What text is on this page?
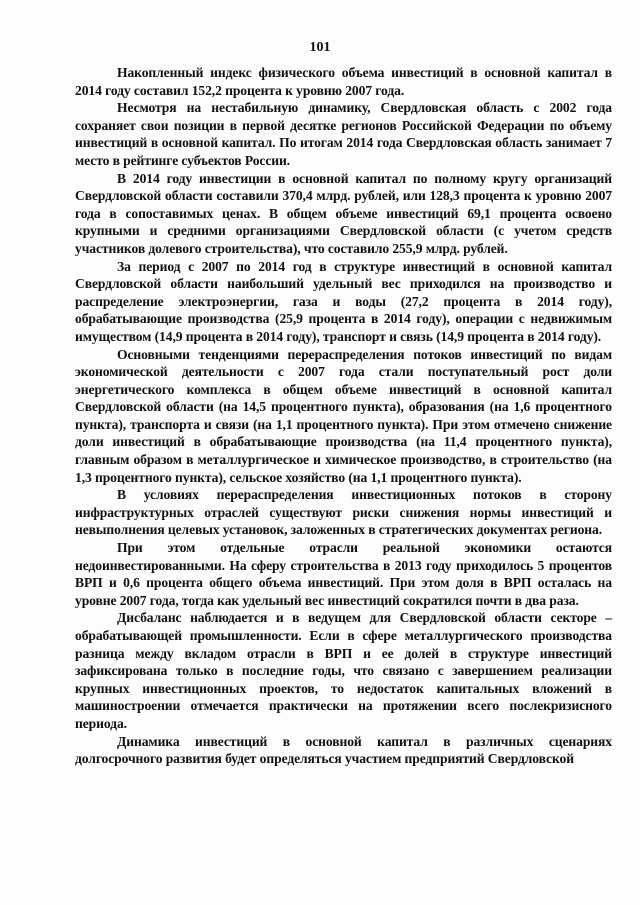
101

Накопленный индекс физического объема инвестиций в основной капитал в 2014 году составил 152,2 процента к уровню 2007 года.

Несмотря на нестабильную динамику, Свердловская область с 2002 года сохраняет свои позиции в первой десятке регионов Российской Федерации по объему инвестиций в основной капитал. По итогам 2014 года Свердловская область занимает 7 место в рейтинге субъектов России.

В 2014 году инвестиции в основной капитал по полному кругу организаций Свердловской области составили 370,4 млрд. рублей, или 128,3 процента к уровню 2007 года в сопоставимых ценах. В общем объеме инвестиций 69,1 процента освоено крупными и средними организациями Свердловской области (с учетом средств участников долевого строительства), что составило 255,9 млрд. рублей.

За период с 2007 по 2014 год в структуре инвестиций в основной капитал Свердловской области наибольший удельный вес приходился на производство и распределение электроэнергии, газа и воды (27,2 процента в 2014 году), обрабатывающие производства (25,9 процента в 2014 году), операции с недвижимым имуществом (14,9 процента в 2014 году), транспорт и связь (14,9 процента в 2014 году).

Основными тенденциями перераспределения потоков инвестиций по видам экономической деятельности с 2007 года стали поступательный рост доли энергетического комплекса в общем объеме инвестиций в основной капитал Свердловской области (на 14,5 процентного пункта), образования (на 1,6 процентного пункта), транспорта и связи (на 1,1 процентного пункта). При этом отмечено снижение доли инвестиций в обрабатывающие производства (на 11,4 процентного пункта), главным образом в металлургическое и химическое производство, в строительство (на 1,3 процентного пункта), сельское хозяйство (на 1,1 процентного пункта).

В условиях перераспределения инвестиционных потоков в сторону инфраструктурных отраслей существуют риски снижения нормы инвестиций и невыполнения целевых установок, заложенных в стратегических документах региона.

При этом отдельные отрасли реальной экономики остаются недоинвестированными. На сферу строительства в 2013 году приходилось 5 процентов ВРП и 0,6 процента общего объема инвестиций. При этом доля в ВРП осталась на уровне 2007 года, тогда как удельный вес инвестиций сократился почти в два раза.

Дисбаланс наблюдается и в ведущем для Свердловской области секторе – обрабатывающей промышленности. Если в сфере металлургического производства разница между вкладом отрасли в ВРП и ее долей в структуре инвестиций зафиксирована только в последние годы, что связано с завершением реализации крупных инвестиционных проектов, то недостаток капитальных вложений в машиностроении отмечается практически на протяжении всего послекризисного периода.

Динамика инвестиций в основной капитал в различных сценариях долгосрочного развития будет определяться участием предприятий Свердловской
